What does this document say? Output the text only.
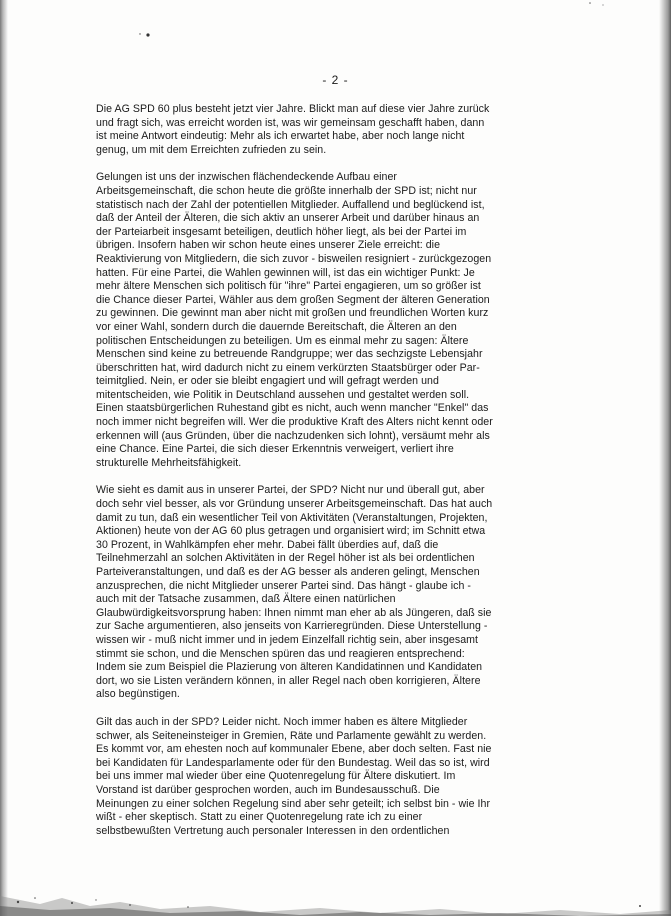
- 2 -

Die AG SPD 60 plus besteht jetzt vier Jahre. Blickt man auf diese vier Jahre zurück
und fragt sich, was erreicht worden ist, was wir gemeinsam geschafft haben, dann
ist meine Antwort eindeutig: Mehr als ich erwartet habe, aber noch lange nicht
genug, um mit dem Erreichten zufrieden zu sein.

Gelungen ist uns der inzwischen flächendeckende Aufbau einer
Arbeitsgemeinschaft, die schon heute die größte innerhalb der SPD ist; nicht nur
statistisch nach der Zahl der potentiellen Mitglieder. Auffallend und beglückend ist,
daß der Anteil der Älteren, die sich aktiv an unserer Arbeit und darüber hinaus an
der Parteiarbeit insgesamt beteiligen, deutlich höher liegt, als bei der Partei im
übrigen. Insofern haben wir schon heute eines unserer Ziele erreicht: die
Reaktivierung von Mitgliedern, die sich zuvor - bisweilen resigniert - zurückgezogen
hatten. Für eine Partei, die Wahlen gewinnen will, ist das ein wichtiger Punkt: Je
mehr ältere Menschen sich politisch für "ihre" Partei engagieren, um so größer ist
die Chance dieser Partei, Wähler aus dem großen Segment der älteren Generation
zu gewinnen. Die gewinnt man aber nicht mit großen und freundlichen Worten kurz
vor einer Wahl, sondern durch die dauernde Bereitschaft, die Älteren an den
politischen Entscheidungen zu beteiligen. Um es einmal mehr zu sagen: Ältere
Menschen sind keine zu betreuende Randgruppe; wer das sechzigste Lebensjahr
überschritten hat, wird dadurch nicht zu einem verkürzten Staatsbürger oder Par-
teimitglied. Nein, er oder sie bleibt engagiert und will gefragt werden und
mitentscheiden, wie Politik in Deutschland aussehen und gestaltet werden soll.
Einen staatsbürgerlichen Ruhestand gibt es nicht, auch wenn mancher "Enkel" das
noch immer nicht begreifen will. Wer die produktive Kraft des Alters nicht kennt oder
erkennen will (aus Gründen, über die nachzudenken sich lohnt), versäumt mehr als
eine Chance. Eine Partei, die sich dieser Erkenntnis verweigert, verliert ihre
strukturelle Mehrheitsfähigkeit.

Wie sieht es damit aus in unserer Partei, der SPD? Nicht nur und überall gut, aber
doch sehr viel besser, als vor Gründung unserer Arbeitsgemeinschaft. Das hat auch
damit zu tun, daß ein wesentlicher Teil von Aktivitäten (Veranstaltungen, Projekten,
Aktionen) heute von der AG 60 plus getragen und organisiert wird; im Schnitt etwa
30 Prozent, in Wahlkämpfen eher mehr. Dabei fällt überdies auf, daß die
Teilnehmerzahl an solchen Aktivitäten in der Regel höher ist als bei ordentlichen
Parteiveranstaltungen, und daß es der AG besser als anderen gelingt, Menschen
anzusprechen, die nicht Mitglieder unserer Partei sind. Das hängt - glaube ich -
auch mit der Tatsache zusammen, daß Ältere einen natürlichen
Glaubwürdigkeitsvorsprung haben: Ihnen nimmt man eher ab als Jüngeren, daß sie
zur Sache argumentieren, also jenseits von Karrieregründen. Diese Unterstellung -
wissen wir - muß nicht immer und in jedem Einzelfall richtig sein, aber insgesamt
stimmt sie schon, und die Menschen spüren das und reagieren entsprechend:
Indem sie zum Beispiel die Plazierung von älteren Kandidatinnen und Kandidaten
dort, wo sie Listen verändern können, in aller Regel nach oben korrigieren, Ältere
also begünstigen.

Gilt das auch in der SPD? Leider nicht. Noch immer haben es ältere Mitglieder
schwer, als Seiteneinsteiger in Gremien, Räte und Parlamente gewählt zu werden.
Es kommt vor, am ehesten noch auf kommunaler Ebene, aber doch selten. Fast nie
bei Kandidaten für Landesparlamente oder für den Bundestag. Weil das so ist, wird
bei uns immer mal wieder über eine Quotenregelung für Ältere diskutiert. Im
Vorstand ist darüber gesprochen worden, auch im Bundesausschuß. Die
Meinungen zu einer solchen Regelung sind aber sehr geteilt; ich selbst bin - wie Ihr
wißt - eher skeptisch. Statt zu einer Quotenregelung rate ich zu einer
selbstbewußten Vertretung auch personaler Interessen in den ordentlichen
